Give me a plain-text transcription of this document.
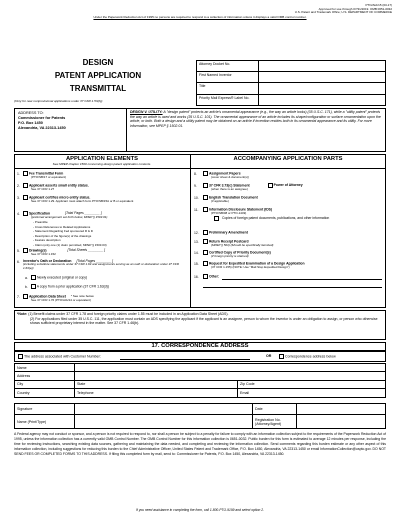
PTO/AIA/15 (03-17)
Approved for use through 07/31/2019. OMB 0651-0032
U.S. Patent and Trademark Office; U.S. DEPARTMENT OF COMMERCE
Under the Paperwork Reduction Act of 1995 no persons are required to respond to a collection of information unless it displays a valid OMB control number.
DESIGN
PATENT APPLICATION
TRANSMITTAL
(Only for new nonprovisional applications under 37 CFR 1.53(b))
Attorney Docket No.	
First Named Inventor	
Title	
Priority Mail Express® Label No.	
ADDRESS TO:
Commissioner for Patents
P.O. Box 1450
Alexandria, VA 22313-1450
DESIGN V. UTILITY: A "design patent" protects an article's ornamental appearance (e.g., the way an article looks) (35 U.S.C. 171), while a "utility patent" protects the way an article is used and works (35 U.S.C. 101). The ornamental appearance of an article includes its shape/configuration or surface ornamentation upon the article, or both. Both a design and a utility patent may be obtained on an article if invention resides both in its ornamental appearance and its utility. For more information, see MPEP § 1502.01.
APPLICATION ELEMENTS
See MPEP chapter 1500 concerning design patent application contents.
ACCOMPANYING APPLICATION PARTS
1.	Fee Transmittal Form
(PTO/SB/17 or equivalent)
2.	Applicant asserts small entity status.
See 37 CFR 1.27
3.	Applicant certifies micro entity status.
See 37 CFR 1.29. Applicant must attach form PTO/SB/15A or B or equivalent
4.	Specification	[Total Pages ________ ]
(preferred arrangement set forth below, MPEP § 1503.01)
- Preamble
- Cross References to Related Applications
- Statement Regarding Fed sponsored R & D
- Description of the figure(s) of the drawings
- Feature description
- Claim (only one (1) claim permitted, MPEP § 1503.03)
5.	Drawing(s)	[Total Sheets ________ ]
See 37 CFR 1.152
6. Inventor's Oath or Declaration [Total Pages ________ ]
(including substitute statements under 37 CFR 1.64 and assignments serving as an oath or declaration under 37 CFR 1.63(e))
a.	Newly executed (original or copy)
b.	A copy from a prior application (37 CFR 1.63(d))
7.	Application Data Sheet * See note below.
See 37 CFR 1.76 (PTO/AIA/14 or equivalent)
8.	Assignment Papers
(cover sheet & document(s))
9.	37 CFR 3.73(c) Statement	Power of Attorney
(when there is an assignee)
10.	English Translation Document
(if applicable)
11.	Information Disclosure Statement (IDS)
(PTO/SB/08 or PTO-1449)
Copies of foreign patent documents, publications, and other information
12.	Preliminary Amendment
13.	Return Receipt Postcard
(MPEP § 503) (Should be specifically itemized)
14.	Certified Copy of Priority Document(s)
(if foreign priority is claimed)
15.	Request for Expedited Examination of a Design Application
(37 CFR 1.155) (NOTE: Use "Mail Stop Expedited Design")
16.	Other:
*Note: (1) Benefit claims under 37 CFR 1.78 and foreign priority claims under 1.55 must be included in an Application Data Sheet (ADS).
(2) For applications filed under 35 U.S.C. 111, the application must contain an ADS specifying the applicant if the applicant is an assignee, person to whom the inventor is under an obligation to assign, or person who otherwise shows sufficient proprietary interest in the matter. See 37 CFR 1.46(b).
17. CORRESPONDENCE ADDRESS
The address associated with Customer Number:	OR	Correspondence address below
Name		
Address		
City	State	Zip Code
Country	Telephone	Email
Signature		Date	
Name (Print/Type)		Registration No. (Attorney/Agent)	
A Federal agency may not conduct or sponsor, and a person is not required to respond to, nor shall a person be subject to a penalty for failure to comply with an information collection subject to the requirements of the Paperwork Reduction Act of 1995, unless the information collection has a currently valid OMB Control Number. The OMB Control Number for this information collection is 0651-0032. Public burden for this form is estimated to average 12 minutes per response, including the time for reviewing instructions, searching existing data sources, gathering and maintaining the data needed, and completing and reviewing the information collection. Send comments regarding this burden estimate or any other aspect of this information collection, including suggestions for reducing this burden to the Chief Administrative Officer, United States Patent and Trademark Office, P.O. Box 1450, Alexandria, VA 22313-1450 or email InformationCollection@uspto.gov. DO NOT SEND FEES OR COMPLETED FORMS TO THIS ADDRESS. If filing this completed form by mail, send to: Commissioner for Patents, P.O. Box 1450, Alexandria, VA 22313-1450.
If you need assistance in completing the form, call 1-800-PTO-9199 and select option 2.
